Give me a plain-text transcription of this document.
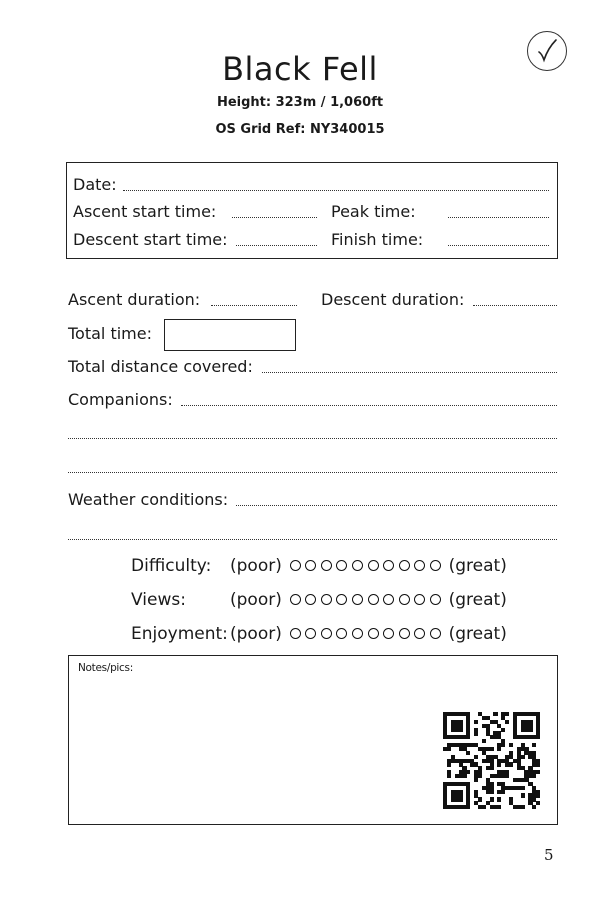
Black Fell
Height: 323m / 1,060ft
OS Grid Ref: NY340015
Date:
Ascent start time:	Peak time:
Descent start time:	Finish time:
Ascent duration:	Descent duration:
Total time:
Total distance covered:
Companions:
Weather conditions:
Difficulty: (poor)	(great)
Views:	(poor)	(great)
Enjoyment: (poor)	(great)
Notes/pics:
5
